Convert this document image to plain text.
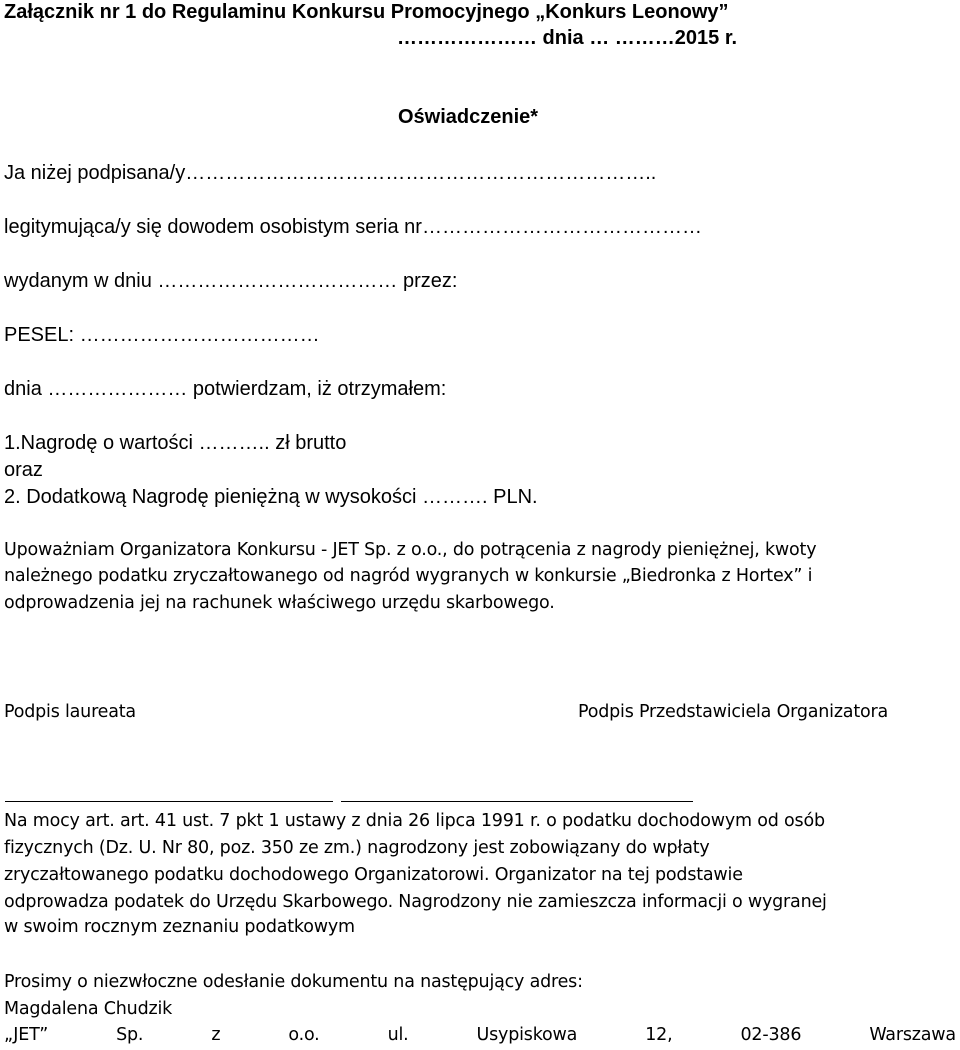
Załącznik nr 1 do Regulaminu Konkursu Promocyjnego „Konkurs Leonowy”
………………… dnia … ………2015 r.
Oświadczenie*
Ja niżej podpisana/y……………………………………………………………..
legitymująca/y się dowodem osobistym seria nr……………………………………
wydanym w dniu ……………………………… przez:
PESEL: ………………………………
dnia ………………… potwierdzam, iż otrzymałem:
1.Nagrodę o wartości ……….. zł brutto
oraz
2. Dodatkową Nagrodę pieniężną w wysokości ………. PLN.
Upoważniam Organizatora Konkursu - JET Sp. z o.o., do potrącenia z nagrody pieniężnej, kwoty
należnego podatku zryczałtowanego od nagród wygranych w konkursie „Biedronka z Hortex” i
odprowadzenia jej na rachunek właściwego urzędu skarbowego.
Podpis laureata	Podpis Przedstawiciela Organizatora
Na mocy art. art. 41 ust. 7 pkt 1 ustawy z dnia 26 lipca 1991 r. o podatku dochodowym od osób
fizycznych (Dz. U. Nr 80, poz. 350 ze zm.) nagrodzony jest zobowiązany do wpłaty
zryczałtowanego podatku dochodowego Organizatorowi. Organizator na tej podstawie
odprowadza podatek do Urzędu Skarbowego. Nagrodzony nie zamieszcza informacji o wygranej
w swoim rocznym zeznaniu podatkowym
Prosimy o niezwłoczne odesłanie dokumentu na następujący adres:
Magdalena Chudzik
„JET”	Sp.	z	o.o.	ul.	Usypiskowa	12,	02-386	Warszawa
